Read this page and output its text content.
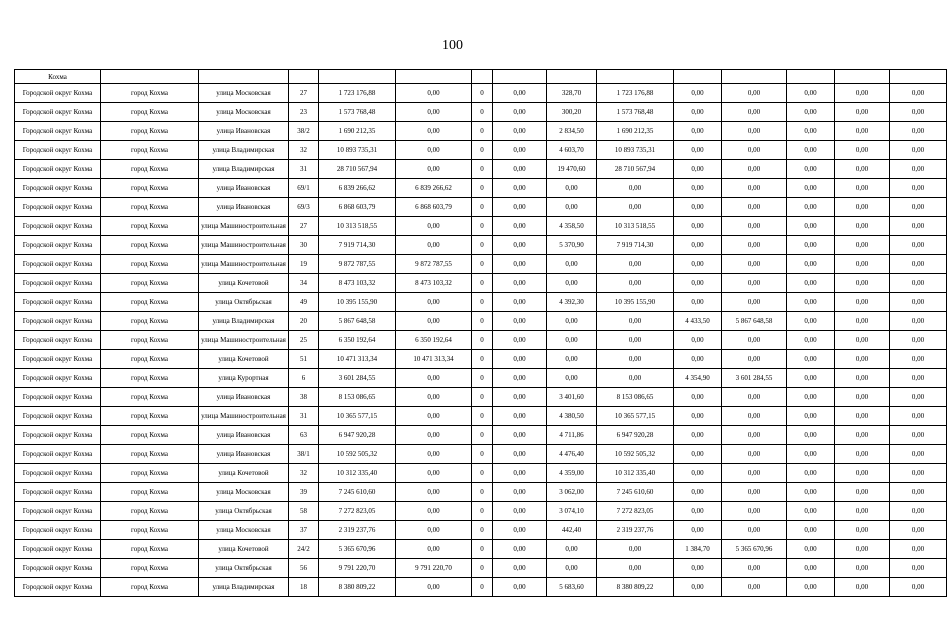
100
Кохма														
Городской округ Кохма	город Кохма	улица Московская	27	1 723 176,88	0,00	0	0,00	328,70	1 723 176,88	0,00	0,00	0,00	0,00	0,00
Городской округ Кохма	город Кохма	улица Московская	23	1 573 768,48	0,00	0	0,00	300,20	1 573 768,48	0,00	0,00	0,00	0,00	0,00
Городской округ Кохма	город Кохма	улица Ивановская	38/2	1 690 212,35	0,00	0	0,00	2 834,50	1 690 212,35	0,00	0,00	0,00	0,00	0,00
Городской округ Кохма	город Кохма	улица Владимирская	32	10 893 735,31	0,00	0	0,00	4 603,70	10 893 735,31	0,00	0,00	0,00	0,00	0,00
Городской округ Кохма	город Кохма	улица Владимирская	31	28 710 567,94	0,00	0	0,00	19 470,60	28 710 567,94	0,00	0,00	0,00	0,00	0,00
Городской округ Кохма	город Кохма	улица Ивановская	69/1	6 839 266,62	6 839 266,62	0	0,00	0,00	0,00	0,00	0,00	0,00	0,00	0,00
Городской округ Кохма	город Кохма	улица Ивановская	69/3	6 868 603,79	6 868 603,79	0	0,00	0,00	0,00	0,00	0,00	0,00	0,00	0,00
Городской округ Кохма	город Кохма	улица Машиностроительная	27	10 313 518,55	0,00	0	0,00	4 358,50	10 313 518,55	0,00	0,00	0,00	0,00	0,00
Городской округ Кохма	город Кохма	улица Машиностроительная	30	7 919 714,30	0,00	0	0,00	5 370,90	7 919 714,30	0,00	0,00	0,00	0,00	0,00
Городской округ Кохма	город Кохма	улица Машиностроительная	19	9 872 787,55	9 872 787,55	0	0,00	0,00	0,00	0,00	0,00	0,00	0,00	0,00
Городской округ Кохма	город Кохма	улица Кочетовой	34	8 473 103,32	8 473 103,32	0	0,00	0,00	0,00	0,00	0,00	0,00	0,00	0,00
Городской округ Кохма	город Кохма	улица Октябрьская	49	10 395 155,90	0,00	0	0,00	4 392,30	10 395 155,90	0,00	0,00	0,00	0,00	0,00
Городской округ Кохма	город Кохма	улица Владимирская	20	5 867 648,58	0,00	0	0,00	0,00	0,00	4 433,50	5 867 648,58	0,00	0,00	0,00
Городской округ Кохма	город Кохма	улица Машиностроительная	25	6 350 192,64	6 350 192,64	0	0,00	0,00	0,00	0,00	0,00	0,00	0,00	0,00
Городской округ Кохма	город Кохма	улица Кочетовой	51	10 471 313,34	10 471 313,34	0	0,00	0,00	0,00	0,00	0,00	0,00	0,00	0,00
Городской округ Кохма	город Кохма	улица Курортная	6	3 601 284,55	0,00	0	0,00	0,00	0,00	4 354,90	3 601 284,55	0,00	0,00	0,00
Городской округ Кохма	город Кохма	улица Ивановская	38	8 153 086,65	0,00	0	0,00	3 401,60	8 153 086,65	0,00	0,00	0,00	0,00	0,00
Городской округ Кохма	город Кохма	улица Машиностроительная	31	10 365 577,15	0,00	0	0,00	4 380,50	10 365 577,15	0,00	0,00	0,00	0,00	0,00
Городской округ Кохма	город Кохма	улица Ивановская	63	6 947 920,28	0,00	0	0,00	4 711,86	6 947 920,28	0,00	0,00	0,00	0,00	0,00
Городской округ Кохма	город Кохма	улица Ивановская	38/1	10 592 505,32	0,00	0	0,00	4 476,40	10 592 505,32	0,00	0,00	0,00	0,00	0,00
Городской округ Кохма	город Кохма	улица Кочетовой	32	10 312 335,40	0,00	0	0,00	4 359,00	10 312 335,40	0,00	0,00	0,00	0,00	0,00
Городской округ Кохма	город Кохма	улица Московская	39	7 245 610,60	0,00	0	0,00	3 062,00	7 245 610,60	0,00	0,00	0,00	0,00	0,00
Городской округ Кохма	город Кохма	улица Октябрьская	58	7 272 823,05	0,00	0	0,00	3 074,10	7 272 823,05	0,00	0,00	0,00	0,00	0,00
Городской округ Кохма	город Кохма	улица Московская	37	2 319 237,76	0,00	0	0,00	442,40	2 319 237,76	0,00	0,00	0,00	0,00	0,00
Городской округ Кохма	город Кохма	улица Кочетовой	24/2	5 365 670,96	0,00	0	0,00	0,00	0,00	1 384,70	5 365 670,96	0,00	0,00	0,00
Городской округ Кохма	город Кохма	улица Октябрьская	56	9 791 220,70	9 791 220,70	0	0,00	0,00	0,00	0,00	0,00	0,00	0,00	0,00
Городской округ Кохма	город Кохма	улица Владимирская	18	8 380 809,22	0,00	0	0,00	5 683,60	8 380 809,22	0,00	0,00	0,00	0,00	0,00
